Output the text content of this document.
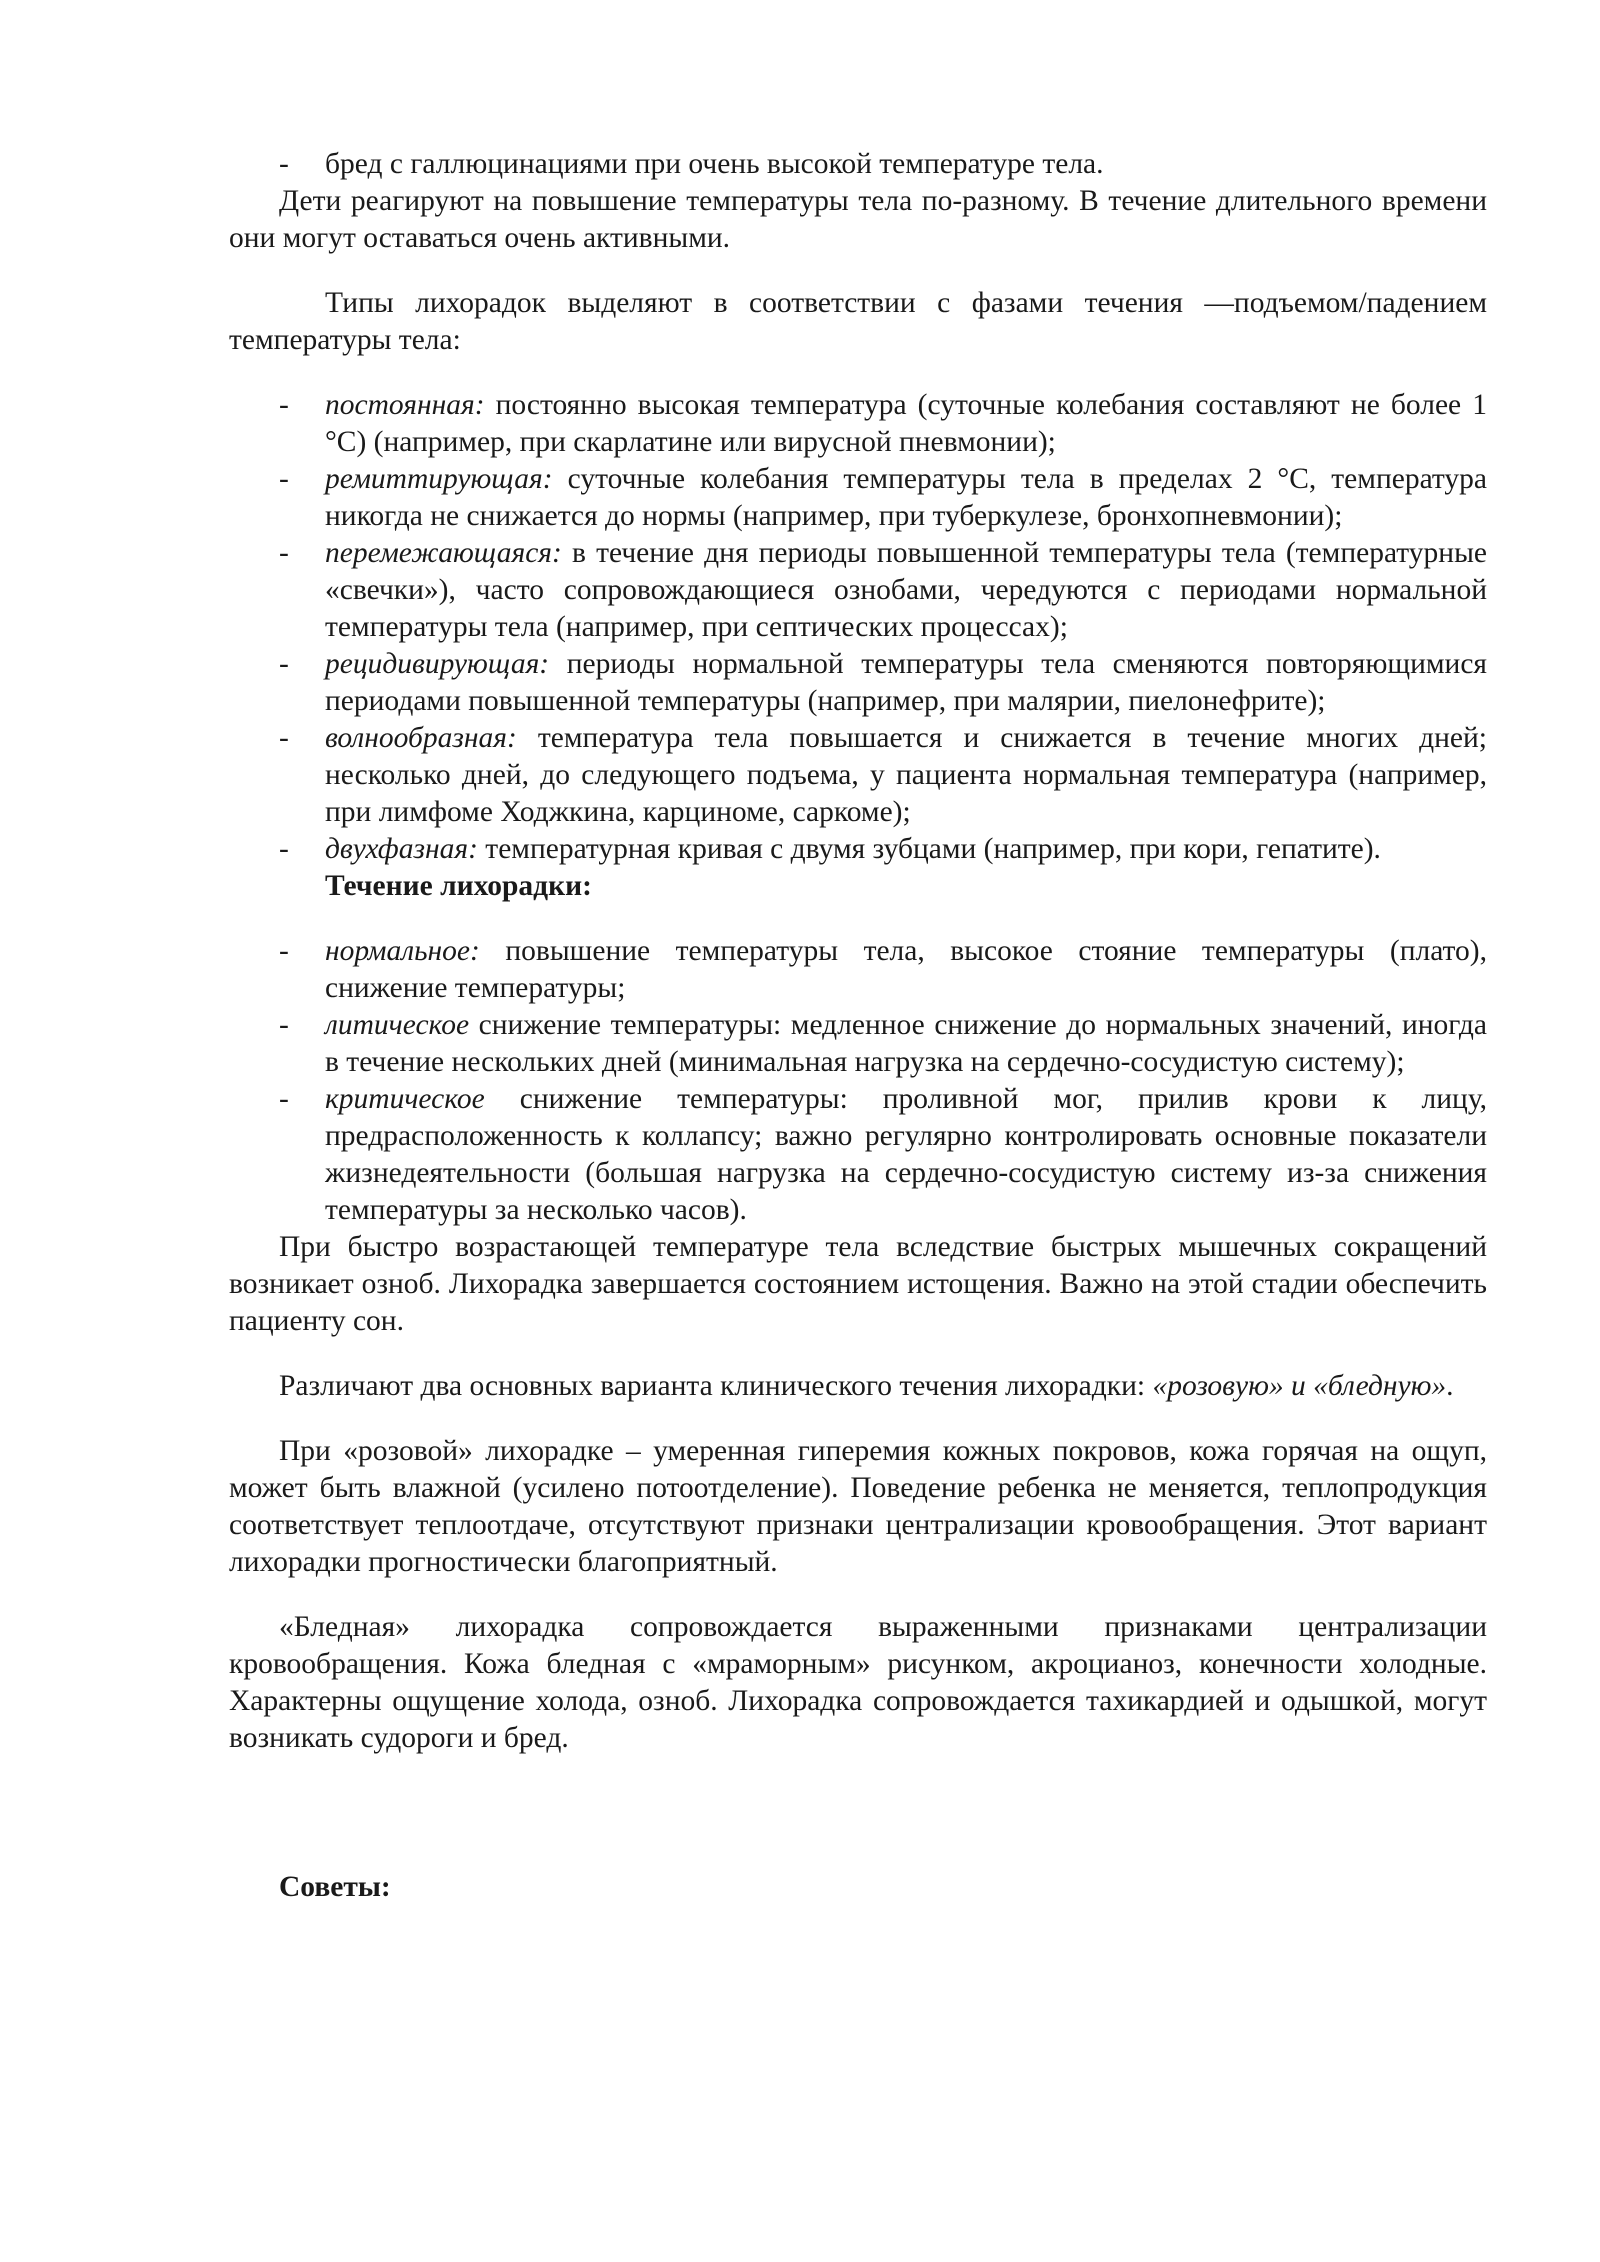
- бред с галлюцинациями при очень высокой температуре тела.

Дети реагируют на повышение температуры тела по-разному. В течение длительного времени они могут оставаться очень активными.

Типы лихорадок выделяют в соответствии с фазами течения —подъемом/падением температуры тела:

- постоянная: постоянно высокая температура (суточные колебания составляют не более 1 °C) (например, при скарлатине или вирусной пневмонии);
- ремиттирующая: суточные колебания температуры тела в пределах 2 °C, температура никогда не снижается до нормы (например, при туберкулезе, бронхопневмонии);
- перемежающаяся: в течение дня периоды повышенной температуры тела (температурные «свечки»), часто сопровождающиеся ознобами, чередуются с периодами нормальной температуры тела (например, при септических процессах);
- рецидивирующая: периоды нормальной температуры тела сменяются повторяющимися периодами повышенной температуры (например, при малярии, пиелонефрите);
- волнообразная: температура тела повышается и снижается в течение многих дней; несколько дней, до следующего подъема, у пациента нормальная температура (например, при лимфоме Ходжкина, карциноме, саркоме);
- двухфазная: температурная кривая с двумя зубцами (например, при кори, гепатите).

Течение лихорадки:

- нормальное: повышение температуры тела, высокое стояние температуры (плато), снижение температуры;
- литическое снижение температуры: медленное снижение до нормальных значений, иногда в течение нескольких дней (минимальная нагрузка на сердечно-сосудистую систему);
- критическое снижение температуры: проливной мог, прилив крови к лицу, предрасположенность к коллапсу; важно регулярно контролировать основные показатели жизнедеятельности (большая нагрузка на сердечно-сосудистую систему из-за снижения температуры за несколько часов).

При быстро возрастающей температуре тела вследствие быстрых мышечных сокращений возникает озноб. Лихорадка завершается состоянием истощения. Важно на этой стадии обеспечить пациенту сон.

Различают два основных варианта клинического течения лихорадки: «розовую» и «бледную».

При «розовой» лихорадке – умеренная гиперемия кожных покровов, кожа горячая на ощуп, может быть влажной (усилено потоотделение). Поведение ребенка не меняется, теплопродукция соответствует теплоотдаче, отсутствуют признаки централизации кровообращения. Этот вариант лихорадки прогностически благоприятный.

«Бледная» лихорадка сопровождается выраженными признаками централизации кровообращения. Кожа бледная с «мраморным» рисунком, акроцианоз, конечности холодные. Характерны ощущение холода, озноб. Лихорадка сопровождается тахикардией и одышкой, могут возникать судороги и бред.

Советы:
